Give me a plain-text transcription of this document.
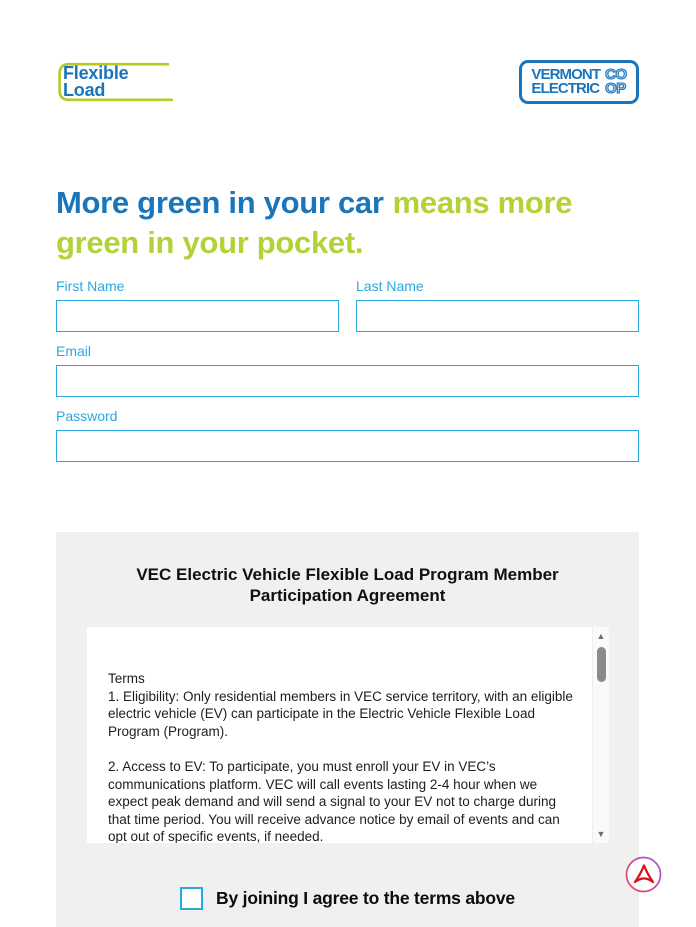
Flexible
Load
VERMONT
ELECTRIC
CO
OP
More green in your car means more
green in your pocket.
First Name	Last Name
Email
Password
VEC Electric Vehicle Flexible Load Program Member
Participation Agreement

Terms

1. Eligibility: Only residential members in VEC service territory, with an eligible electric vehicle (EV) can participate in the Electric Vehicle Flexible Load Program (Program).

2. Access to EV: To participate, you must enroll your EV in VEC’s communications platform. VEC will call events lasting 2-4 hour when we expect peak demand and will send a signal to your EV not to charge during that time period. You will receive advance notice by email of events and can opt out of specific events, if needed.

▲
▼
By joining I agree to the terms above
